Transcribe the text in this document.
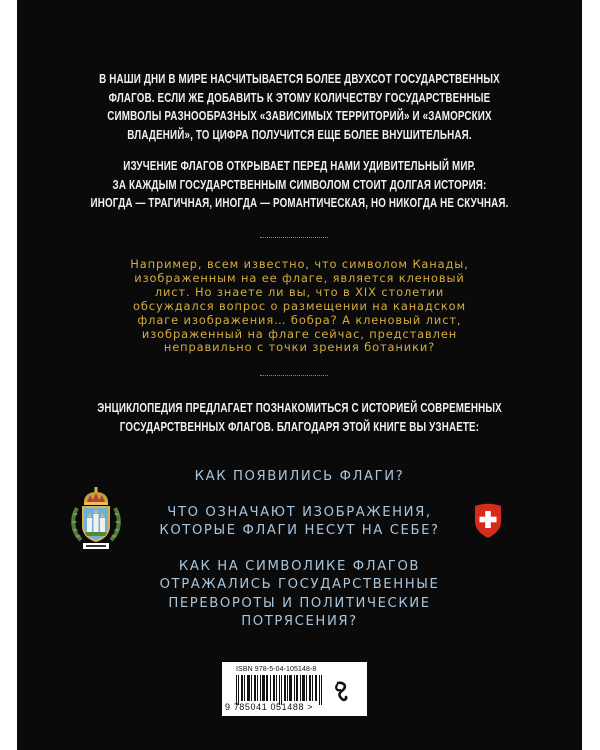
В НАШИ ДНИ В МИРЕ НАСЧИТЫВАЕТСЯ БОЛЕЕ ДВУХСОТ ГОСУДАРСТВЕННЫХ

ФЛАГОВ. ЕСЛИ ЖЕ ДОБАВИТЬ К ЭТОМУ КОЛИЧЕСТВУ ГОСУДАРСТВЕННЫЕ

СИМВОЛЫ РАЗНООБРАЗНЫХ «ЗАВИСИМЫХ ТЕРРИТОРИЙ» И «ЗАМОРСКИХ

ВЛАДЕНИЙ», ТО ЦИФРА ПОЛУЧИТСЯ ЕЩЕ БОЛЕЕ ВНУШИТЕЛЬНАЯ.

ИЗУЧЕНИЕ ФЛАГОВ ОТКРЫВАЕТ ПЕРЕД НАМИ УДИВИТЕЛЬНЫЙ МИР.

ЗА КАЖДЫМ ГОСУДАРСТВЕННЫМ СИМВОЛОМ СТОИТ ДОЛГАЯ ИСТОРИЯ:

ИНОГДА — ТРАГИЧНАЯ, ИНОГДА — РОМАНТИЧЕСКАЯ, НО НИКОГДА НЕ СКУЧНАЯ.

Например, всем известно, что символом Канады,

изображенным на ее флаге, является кленовый

лист. Но знаете ли вы, что в XIX столетии

обсуждался вопрос о размещении на канадском

флаге изображения… бобра? А кленовый лист,

изображенный на флаге сейчас, представлен

неправильно с точки зрения ботаники?

ЭНЦИКЛОПЕДИЯ ПРЕДЛАГАЕТ ПОЗНАКОМИТЬСЯ С ИСТОРИЕЙ СОВРЕМЕННЫХ

ГОСУДАРСТВЕННЫХ ФЛАГОВ. БЛАГОДАРЯ ЭТОЙ КНИГЕ ВЫ УЗНАЕТЕ:

КАК ПОЯВИЛИСЬ ФЛАГИ?

ЧТО ОЗНАЧАЮТ ИЗОБРАЖЕНИЯ,

КОТОРЫЕ ФЛАГИ НЕСУТ НА СЕБЕ?

КАК НА СИМВОЛИКЕ ФЛАГОВ

ОТРАЖАЛИСЬ ГОСУДАРСТВЕННЫЕ

ПЕРЕВОРОТЫ И ПОЛИТИЧЕСКИЕ

ПОТРЯСЕНИЯ?

ISBN 978-5-04-105148-8
9 785041 051488 >
